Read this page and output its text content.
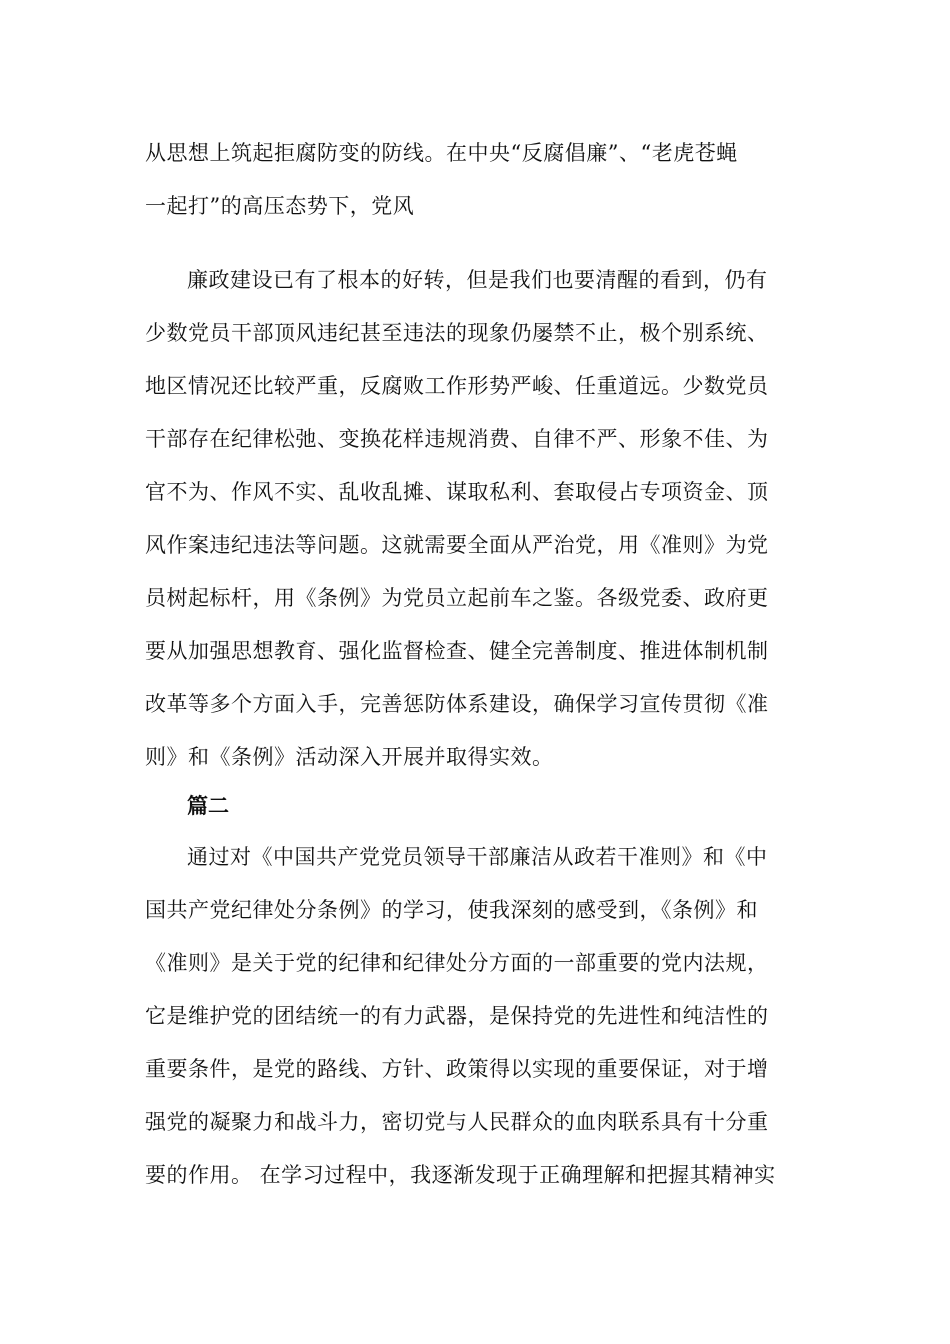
从思想上筑起拒腐防变的防线。在中央“反腐倡廉”、“老虎苍蝇
一起打”的高压态势下，党风
廉政建设已有了根本的好转，但是我们也要清醒的看到，仍有
少数党员干部顶风违纪甚至违法的现象仍屡禁不止，极个别系统、
地区情况还比较严重，反腐败工作形势严峻、任重道远。少数党员
干部存在纪律松弛、变换花样违规消费、自律不严、形象不佳、为
官不为、作风不实、乱收乱摊、谋取私利、套取侵占专项资金、顶
风作案违纪违法等问题。这就需要全面从严治党，用《准则》为党
员树起标杆，用《条例》为党员立起前车之鉴。各级党委、政府更
要从加强思想教育、强化监督检查、健全完善制度、推进体制机制
改革等多个方面入手，完善惩防体系建设，确保学习宣传贯彻《准
则》和《条例》活动深入开展并取得实效。
篇二
通过对《中国共产党党员领导干部廉洁从政若干准则》和《中
国共产党纪律处分条例》的学习，使我深刻的感受到，《条例》和
《准则》是关于党的纪律和纪律处分方面的一部重要的党内法规，
它是维护党的团结统一的有力武器，是保持党的先进性和纯洁性的
重要条件，是党的路线、方针、政策得以实现的重要保证，对于增
强党的凝聚力和战斗力，密切党与人民群众的血肉联系具有十分重
要的作用。 在学习过程中，我逐渐发现于正确理解和把握其精神实
